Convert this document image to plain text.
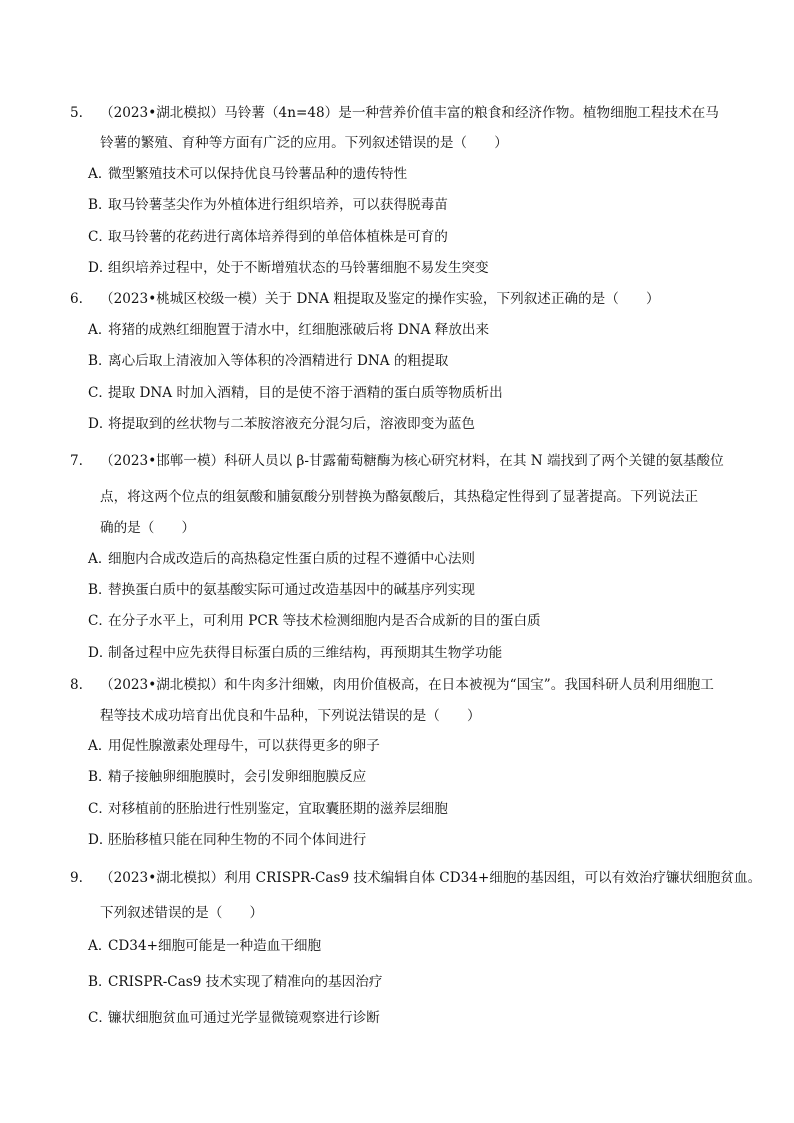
5.	（2023•湖北模拟）马铃薯（4n=48）是一种营养价值丰富的粮食和经济作物。植物细胞工程技术在马
铃薯的繁殖、育种等方面有广泛的应用。下列叙述错误的是（　　）
A．微型繁殖技术可以保持优良马铃薯品种的遗传特性
B．取马铃薯茎尖作为外植体进行组织培养，可以获得脱毒苗
C．取马铃薯的花药进行离体培养得到的单倍体植株是可育的
D．组织培养过程中，处于不断增殖状态的马铃薯细胞不易发生突变
6.	（2023•桃城区校级一模）关于 DNA 粗提取及鉴定的操作实验，下列叙述正确的是（　　）
A．将猪的成熟红细胞置于清水中，红细胞涨破后将 DNA 释放出来
B．离心后取上清液加入等体积的冷酒精进行 DNA 的粗提取
C．提取 DNA 时加入酒精，目的是使不溶于酒精的蛋白质等物质析出
D．将提取到的丝状物与二苯胺溶液充分混匀后，溶液即变为蓝色
7.	（2023•邯郸一模）科研人员以 β-甘露葡萄糖酶为核心研究材料，在其 N 端找到了两个关键的氨基酸位
点，将这两个位点的组氨酸和脯氨酸分别替换为酪氨酸后，其热稳定性得到了显著提高。下列说法正
确的是（　　）
A．细胞内合成改造后的高热稳定性蛋白质的过程不遵循中心法则
B．替换蛋白质中的氨基酸实际可通过改造基因中的碱基序列实现
C．在分子水平上，可利用 PCR 等技术检测细胞内是否合成新的目的蛋白质
D．制备过程中应先获得目标蛋白质的三维结构，再预期其生物学功能
8.	（2023•湖北模拟）和牛肉多汁细嫩，肉用价值极高，在日本被视为“国宝”。我国科研人员利用细胞工
程等技术成功培育出优良和牛品种，下列说法错误的是（　　）
A．用促性腺激素处理母牛，可以获得更多的卵子
B．精子接触卵细胞膜时，会引发卵细胞膜反应
C．对移植前的胚胎进行性别鉴定，宜取囊胚期的滋养层细胞
D．胚胎移植只能在同种生物的不同个体间进行
9.	（2023•湖北模拟）利用 CRISPR-Cas9 技术编辑自体 CD34+细胞的基因组，可以有效治疗镰状细胞贫血。
下列叙述错误的是（　　）
A．CD34+细胞可能是一种造血干细胞
B．CRISPR-Cas9 技术实现了精准向的基因治疗
C．镰状细胞贫血可通过光学显微镜观察进行诊断
